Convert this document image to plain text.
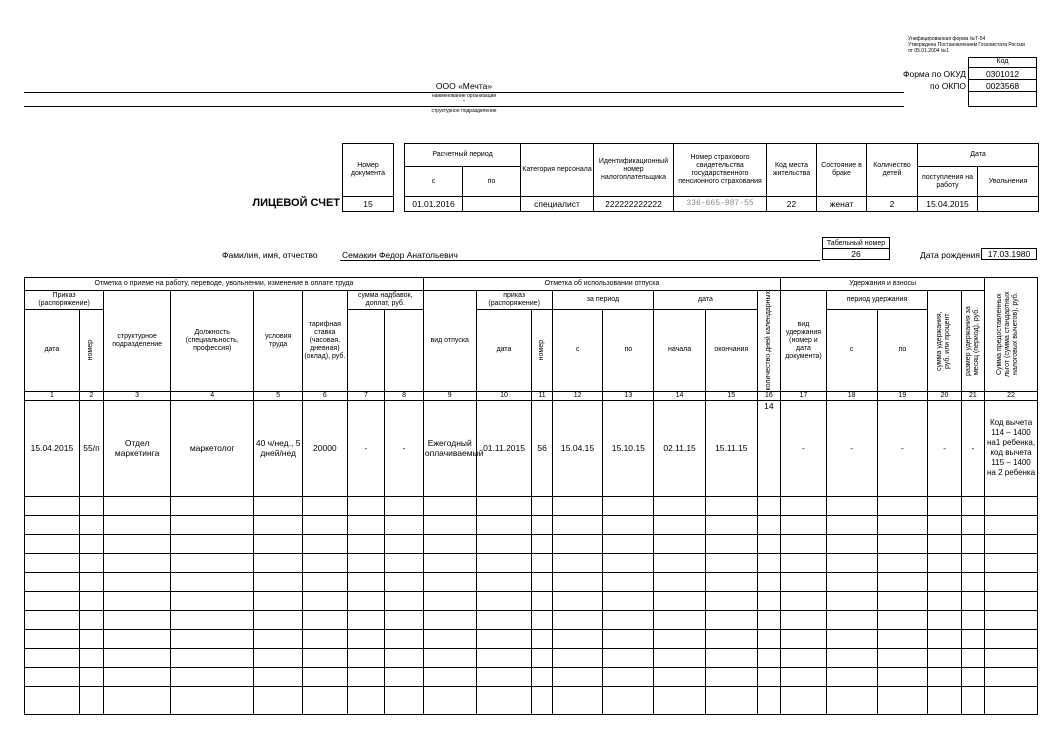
Унифицированная форма №Т-54
Утверждена Постановлением Госкомстата России
от 05.01.2004 №1
Код
0301012
0023568
Форма по ОКУД
по ОКПО
ООО «Мечта»
наименование организации
-
структурное подразделение
ЛИЦЕВОЙ СЧЕТ
Номер документа
15
Расчетный период		Категория персонала	Идентификационный номер налогоплательщика	Номер страхового свидетельства государственного пенсионного страхования	Код места жительства	Состояние в браке	Количество детей	Дата	
с	по							поступления на работу	Увольнения
01.01.2016		специалист	222222222222	336-665-987-55	22	женат	2	15.04.2015	
Табельный номер
26
Фамилия, имя, отчество	Семакин Федор Анатольевич	Дата рождения 17.03.1980
Отметка о приеме на работу, переводе, увольнении, изменение в оплате труда								Отметка об использовании отпуска								Удержания и взносы					Сумма предоставленных льгот (сумма стандартных налоговых вычетов), руб.

Приказ (распоряжение)		структурное подразделение	Должность (специальность, профессия)	условия труда	тарифная ставка (часовая, дневная) (оклад), руб.	сумма надбавок, доплат, руб.		вид отпуска	приказ (распоряжение)		за период		дата		количество дней календарных	вид удержания (номер и дата документа)	период удержания		сумма удержания, руб. или процент	размер удержания за месяц (период), руб.	

дата	номер								дата	номер	с	по	начала	окончания			с	по			
1	2	3	4	5	6	7	8	9	10	11	12	13	14	15	16	17	18	19	20	21	22
15.04.2015	55/п	Отдел маркетинга	маркетолог	40 ч/нед., 5 дней/нед	20000	-	-	Ежегодный оплачиваемый	01.11.2015	56	15.04.15	15.10.15	02.11.15	15.11.15	14	-	-	-	-	-	Код вычета 114 – 1400 на1 ребенка, код вычета 115 – 1400 на 2 ребенка
